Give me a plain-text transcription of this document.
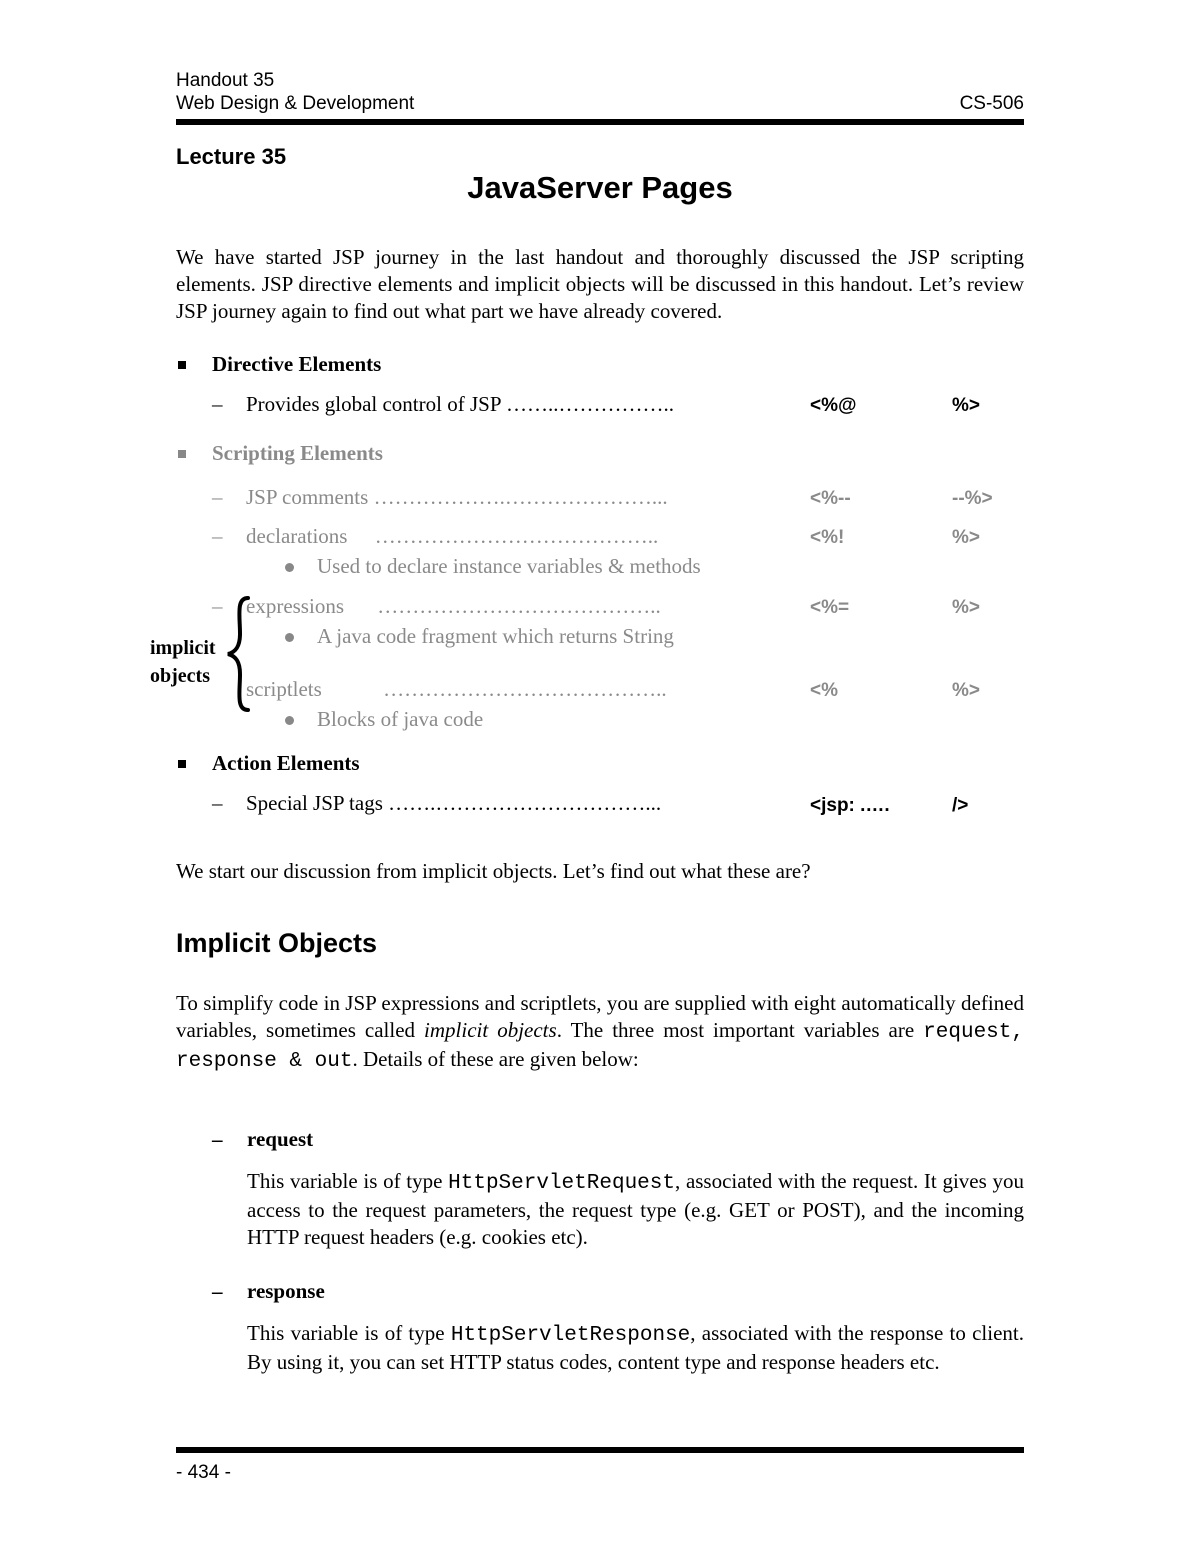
Handout 35
Web Design & Development	CS-506
Lecture 35
JavaServer Pages
We have started JSP journey in the last handout and thoroughly discussed the JSP scripting elements. JSP directive elements and implicit objects will be discussed in this handout. Let’s review JSP journey again to find out what part we have already covered.
Directive Elements
– Provides global control of JSP ……..……………..	<%@	%>
Scripting Elements
– JSP comments ……………….…………………...	<%--	--%>
– declarations …………………………………..	<%!	%>
Used to declare instance variables & methods
– expressions …………………………………..	<%=	%>
A java code fragment which returns String
scriptlets	…………………………………..	<%	%>
Blocks of java code
implicit
objects
Action Elements
– Special JSP tags …….…………………………...	<jsp: .….	/>
We start our discussion from implicit objects. Let’s find out what these are?
Implicit Objects
To simplify code in JSP expressions and scriptlets, you are supplied with eight automatically defined variables, sometimes called implicit objects. The three most important variables are request, response & out. Details of these are given below:
– request
This variable is of type HttpServletRequest, associated with the request. It gives you access to the request parameters, the request type (e.g. GET or POST), and the incoming HTTP request headers (e.g. cookies etc).
– response
This variable is of type HttpServletResponse, associated with the response to client. By using it, you can set HTTP status codes, content type and response headers etc.
- 434 -
